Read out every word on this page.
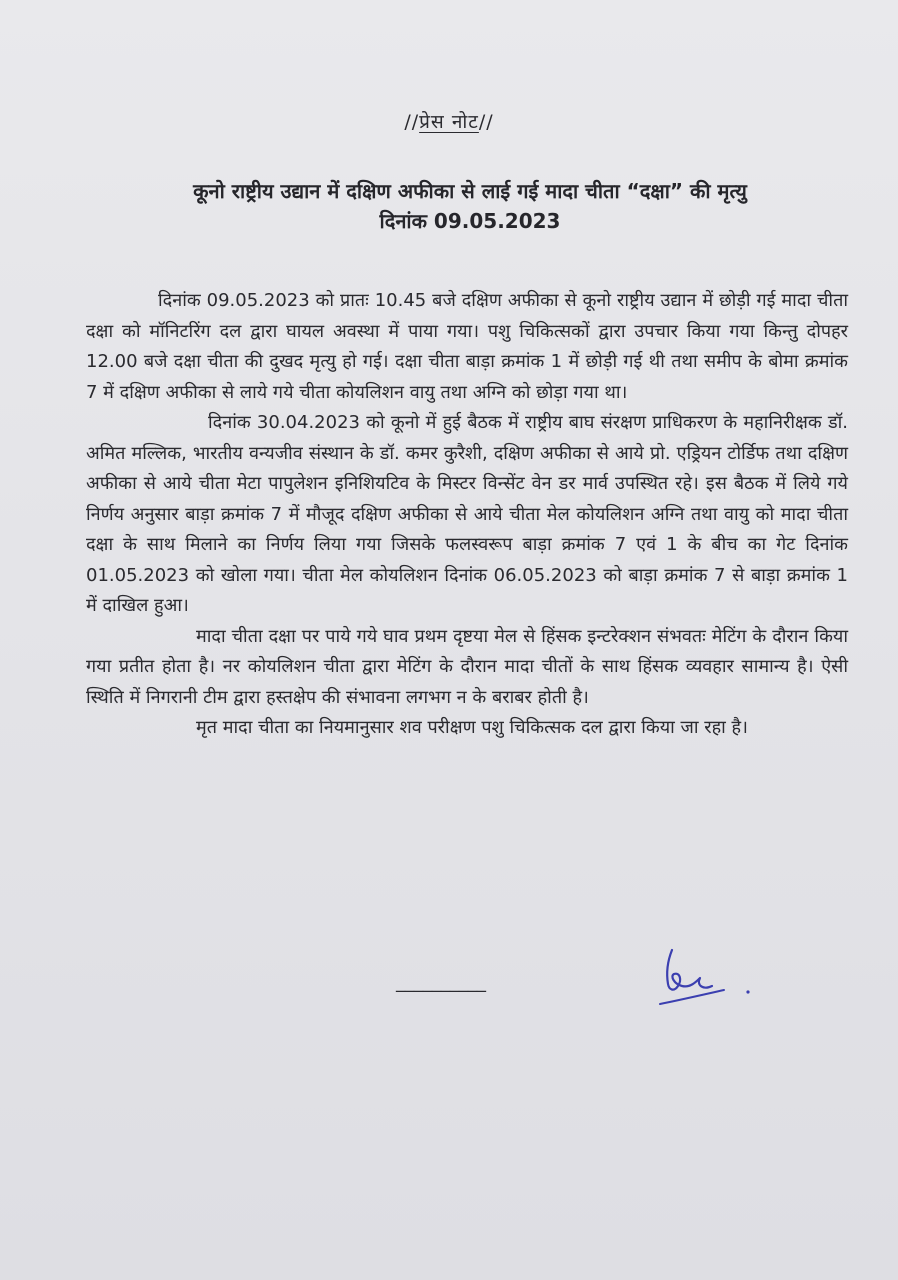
//प्रेस नोट//
कूनो राष्ट्रीय उद्यान में दक्षिण अफीका से लाई गई मादा चीता “दक्षा” की मृत्यु
दिनांक 09.05.2023

दिनांक 09.05.2023 को प्रातः 10.45 बजे दक्षिण अफीका से कूनो राष्ट्रीय उद्यान में छोड़ी गई मादा चीता दक्षा को मॉनिटरिंग दल द्वारा घायल अवस्था में पाया गया। पशु चिकित्सकों द्वारा उपचार किया गया किन्तु दोपहर 12.00 बजे दक्षा चीता की दुखद मृत्यु हो गई। दक्षा चीता बाड़ा क्रमांक 1 में छोड़ी गई थी तथा समीप के बोमा क्रमांक 7 में दक्षिण अफीका से लाये गये चीता कोयलिशन वायु तथा अग्नि को छोड़ा गया था।

दिनांक 30.04.2023 को कूनो में हुई बैठक में राष्ट्रीय बाघ संरक्षण प्राधिकरण के महानिरीक्षक डॉ. अमित मल्लिक, भारतीय वन्यजीव संस्थान के डॉ. कमर कुरैशी, दक्षिण अफीका से आये प्रो. एड्रियन टोर्डिफ तथा दक्षिण अफीका से आये चीता मेटा पापुलेशन इनिशियटिव के मिस्टर विन्सेंट वेन डर मार्व उपस्थित रहे। इस बैठक में लिये गये निर्णय अनुसार बाड़ा क्रमांक 7 में मौजूद दक्षिण अफीका से आये चीता मेल कोयलिशन अग्नि तथा वायु को मादा चीता दक्षा के साथ मिलाने का निर्णय लिया गया जिसके फलस्वरूप बाड़ा क्रमांक 7 एवं 1 के बीच का गेट दिनांक 01.05.2023 को खोला गया। चीता मेल कोयलिशन दिनांक 06.05.2023 को बाड़ा क्रमांक 7 से बाड़ा क्रमांक 1 में दाखिल हुआ।

मादा चीता दक्षा पर पाये गये घाव प्रथम दृष्टया मेल से हिंसक इन्टरेक्शन संभवतः मेटिंग के दौरान किया गया प्रतीत होता है। नर कोयलिशन चीता द्वारा मेटिंग के दौरान मादा चीतों के साथ हिंसक व्यवहार सामान्य है। ऐसी स्थिति में निगरानी टीम द्वारा हस्तक्षेप की संभावना लगभग न के बराबर होती है।

मृत मादा चीता का नियमानुसार शव परीक्षण पशु चिकित्सक दल द्वारा किया जा रहा है।

__________
